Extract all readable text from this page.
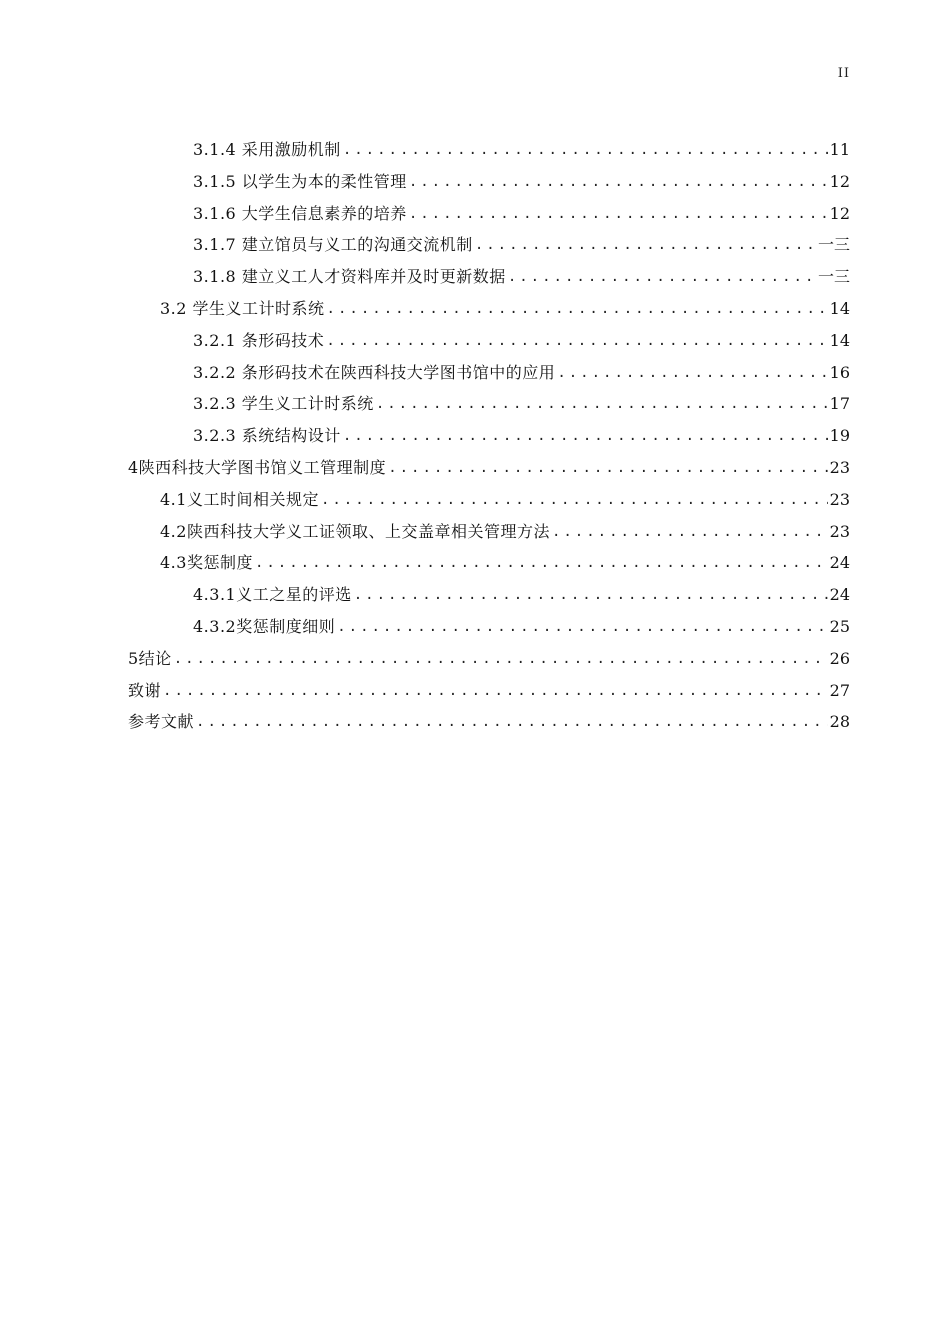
II
3.1.4 采用激励机制 .....	11
3.1.5 以学生为本的柔性管理 .....	12
3.1.6 大学生信息素养的培养 .....	12
3.1.7 建立馆员与义工的沟通交流机制 .....	一三
3.1.8 建立义工人才资料库并及时更新数据 .....	一三
3.2 学生义工计时系统 .....	14
3.2.1 条形码技术 .....	14
3.2.2 条形码技术在陕西科技大学图书馆中的应用 .....	16
3.2.3 学生义工计时系统 .....	17
3.2.3 系统结构设计 .....	19
4陕西科技大学图书馆义工管理制度 .....	23
4.1义工时间相关规定 .....	23
4.2陕西科技大学义工证领取、上交盖章相关管理方法 .....	23
4.3奖惩制度 .....	24
4.3.1义工之星的评选 .....	24
4.3.2奖惩制度细则 .....	25
5结论 .....	26
致谢 .....	27
参考文献 .....	28
